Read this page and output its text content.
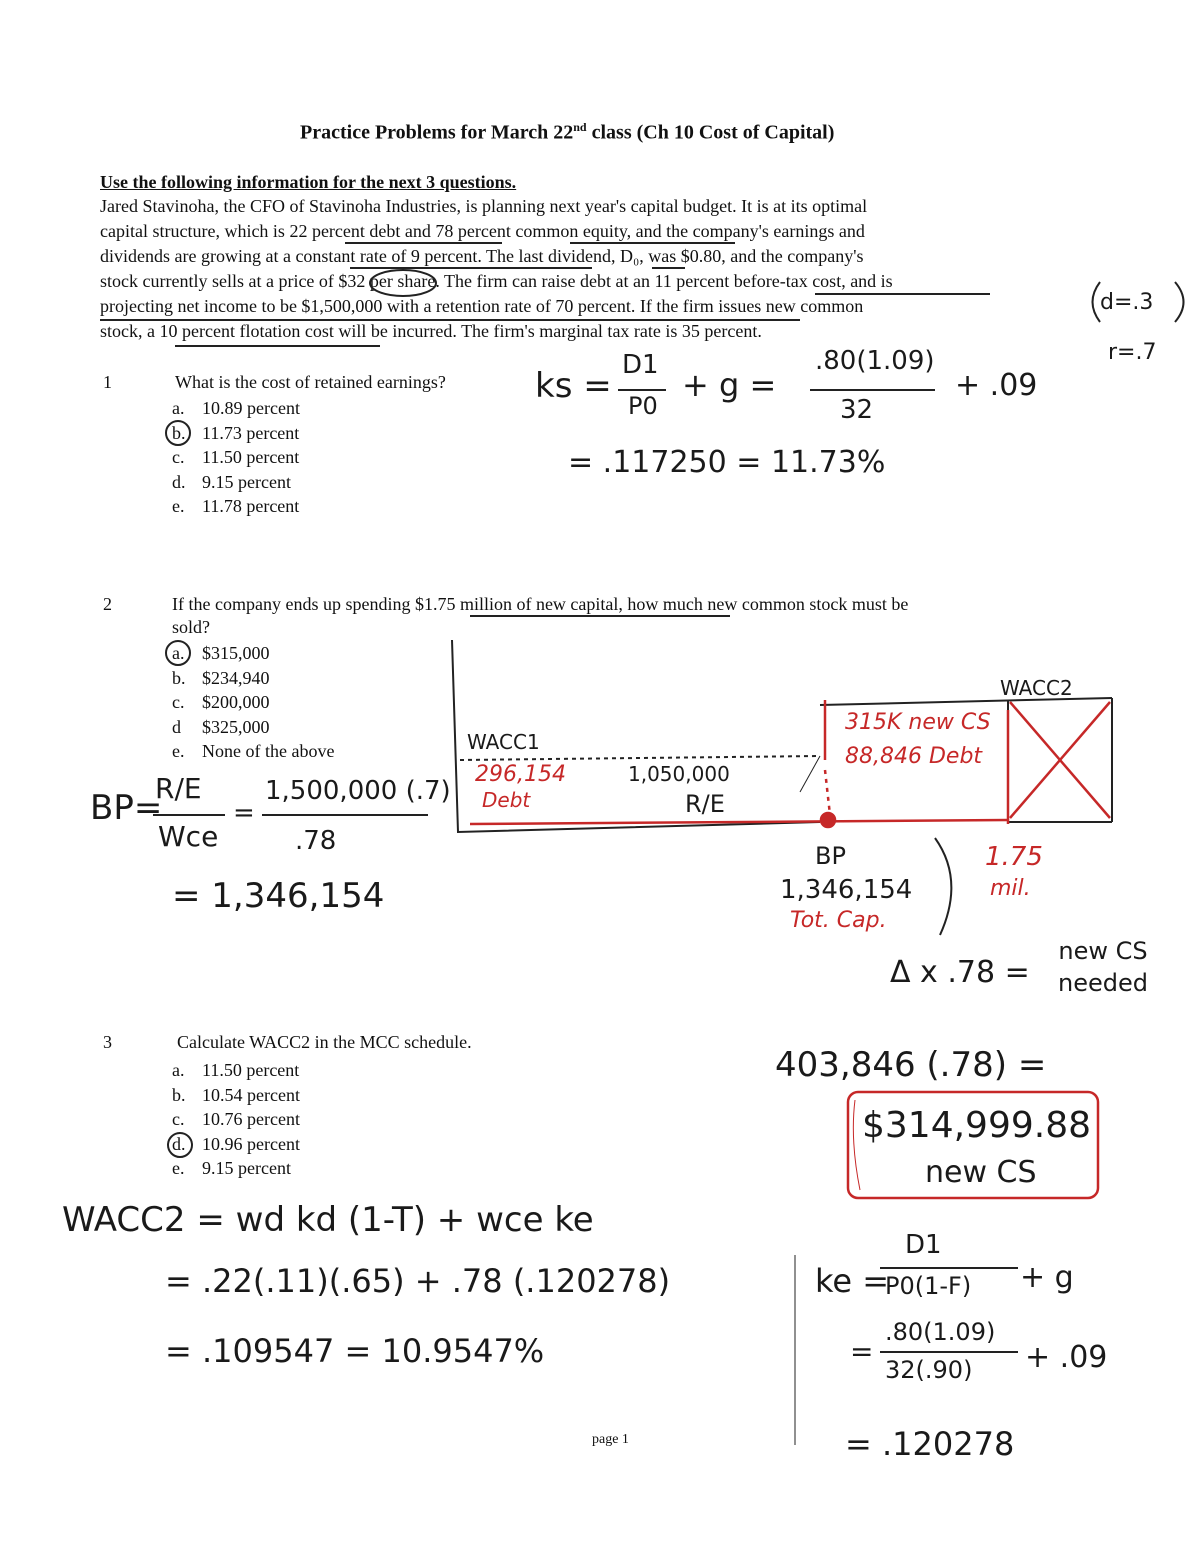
Practice Problems for March 22nd class (Ch 10 Cost of Capital)
Use the following information for the next 3 questions.
Jared Stavinoha, the CFO of Stavinoha Industries, is planning next year's capital budget. It is at its optimal
capital structure, which is 22 percent debt and 78 percent common equity, and the company's earnings and
dividends are growing at a constant rate of 9 percent. The last dividend, D₀, was $0.80, and the company's
stock currently sells at a price of $32 per share. The firm can raise debt at an 11 percent before-tax cost, and is
projecting net income to be $1,500,000 with a retention rate of 70 percent. If the firm issues new common
stock, a 10 percent flotation cost will be incurred. The firm's marginal tax rate is 35 percent.
1	What is the cost of retained earnings?
a. 10.89 percent
b. 11.73 percent
c. 11.50 percent
d. 9.15 percent
e. 11.78 percent
2	If the company ends up spending $1.75 million of new capital, how much new common stock must be
sold?
a. $315,000
b. $234,940
c. $200,000
d $325,000
e. None of the above
3	Calculate WACC2 in the MCC schedule.
a. 11.50 percent
b. 10.54 percent
c. 10.76 percent
d. 10.96 percent
e. 9.15 percent
d=.3
r=.7
ks =
D1
P0
+ g =
.80(1.09)
32
+ .09
= .117250 = 11.73%
BP=
R/E
Wce
=
1,500,000 (.7)
.78
= 1,346,154
WACC1
1,050,000
R/E
WACC2
BP
1,346,154
Tot. Cap.
1.75
mil.
Δ x .78 =
new CS needed
403,846 (.78) =
$314,999.88
new CS
WACC2 = wd kd (1-T) + wce ke
= .22(.11)(.65) + .78 (.120278)
= .109547 = 10.9547%
ke =
D1
P0(1-F) + g
=
.80(1.09)
32(.90) + .09
= .120278
296,154
Debt
315K new CS
88,846 Debt
page 1
